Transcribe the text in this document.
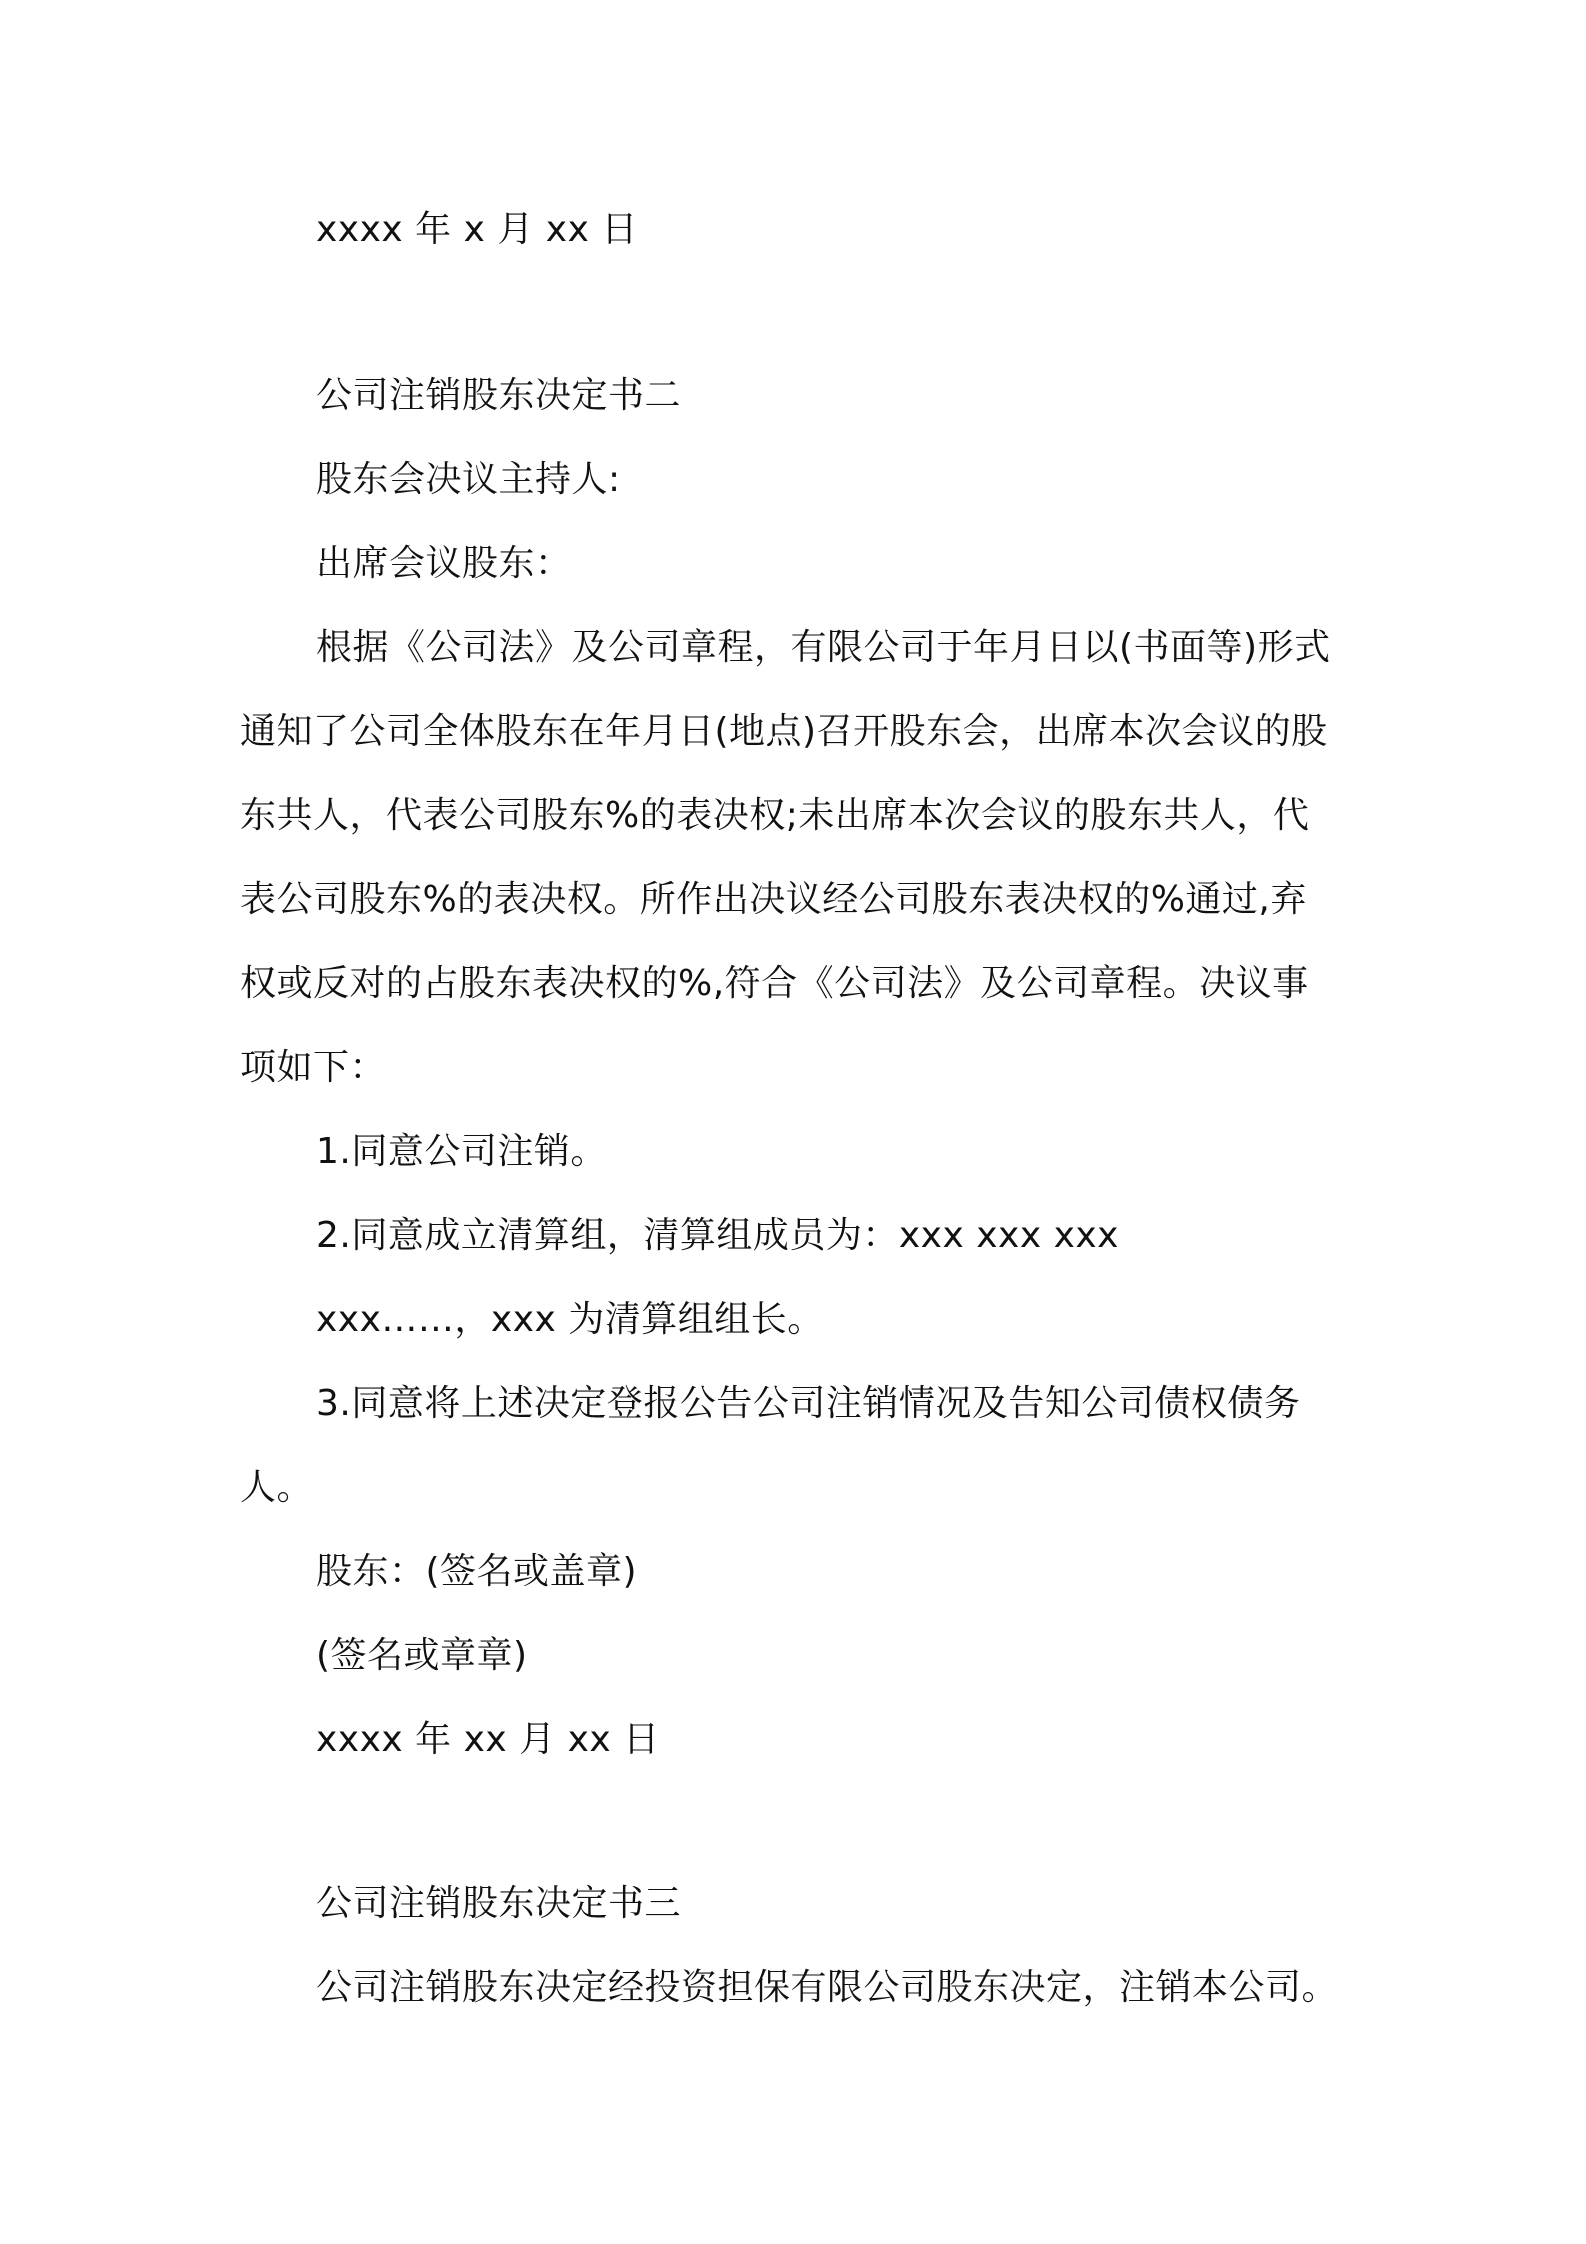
xxxx 年 x 月 xx 日
公司注销股东决定书二
股东会决议主持人:
出席会议股东：
根据《公司法》及公司章程，有限公司于年月日以(书面等)形式
通知了公司全体股东在年月日(地点)召开股东会，出席本次会议的股
东共人，代表公司股东%的表决权;未出席本次会议的股东共人，代
表公司股东%的表决权。所作出决议经公司股东表决权的%通过,弃
权或反对的占股东表决权的%,符合《公司法》及公司章程。决议事
项如下：
1.同意公司注销。
2.同意成立清算组，清算组成员为：xxx xxx xxx
xxx……，xxx 为清算组组长。
3.同意将上述决定登报公告公司注销情况及告知公司债权债务
人。
股东：(签名或盖章)
(签名或章章)
xxxx 年 xx 月 xx 日
公司注销股东决定书三
公司注销股东决定经投资担保有限公司股东决定，注销本公司。
